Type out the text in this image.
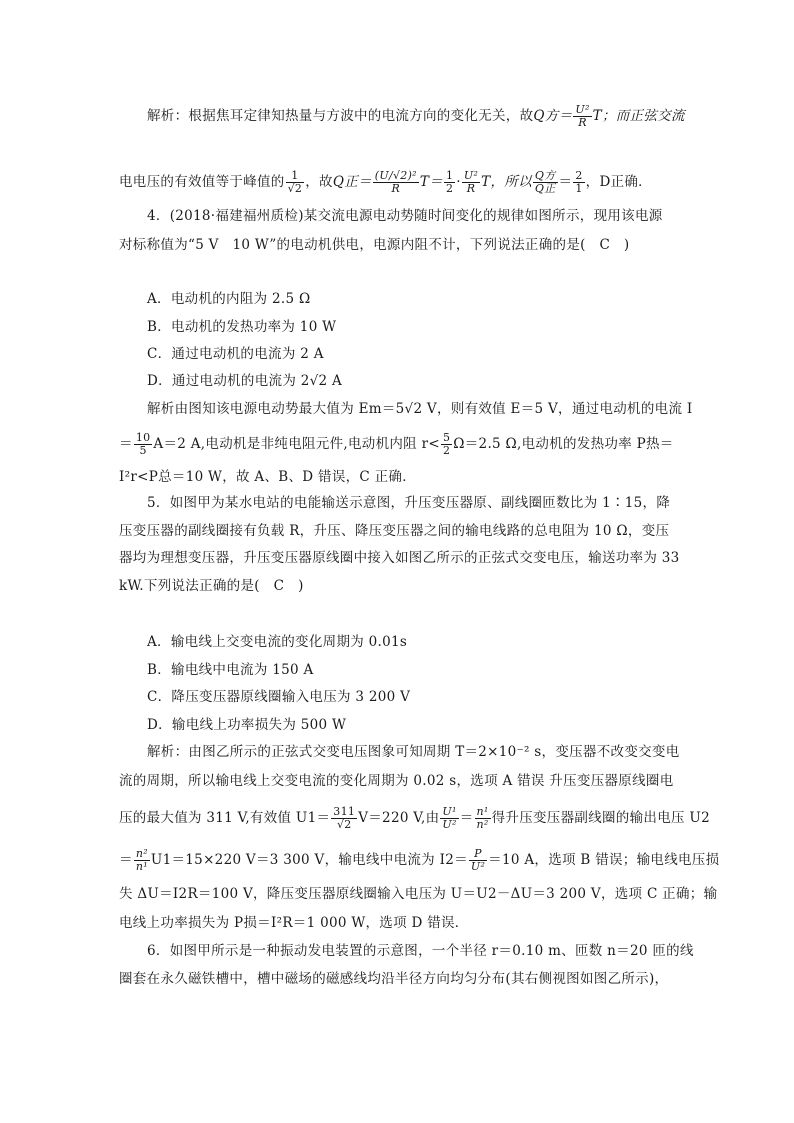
解析：根据焦耳定律知热量与方波中的电流方向的变化无关，故Q方＝ $\frac{\text{U²}}{R}$ T；而正弦交流
电电压的有效值等于峰值的 $\frac{1}{√2}$ ，故Q正＝ $\frac{\text{(U/√2)²}}{R} T= \frac{1}{2} \cdot \frac{\text{U²}}{R}$ T，所以 $\frac{\text{Q方}}{\text{Q正}} = \frac{2}{1}$ ，D正确．
4．(2018·福建福州质检)某交流电源电动势随时间变化的规律如图所示，现用该电源
对标称值为“5 V　10 W”的电动机供电，电源内阻不计，下列说法正确的是(　C　)
A．电动机的内阻为 2.5 Ω
B．电动机的发热功率为 10 W
C．通过电动机的电流为 2 A
D．通过电动机的电流为 2√2 A
解析由图知该电源电动势最大值为 Em＝5√2 V，则有效值 E＝5 V，通过电动机的电流 I
＝ $\frac{10}{5} A=2$ A,电动机是非纯电阻元件,电动机内阻 $r< \frac{5}{2} \Omega=2.5$ Ω,电动机的发热功率 P热＝
I²r<P总＝10 W，故 A、B、D 错误，C 正确．
5．如图甲为某水电站的电能输送示意图，升压变压器原、副线圈匝数比为 1∶15，降
压变压器的副线圈接有负载 R，升压、降压变压器之间的输电线路的总电阻为 10 Ω，变压
器均为理想变压器，升压变压器原线圈中接入如图乙所示的正弦式交变电压，输送功率为 33
kW.下列说法正确的是(　C　)
A．输电线上交变电流的变化周期为 0.01s
B．输电线中电流为 150 A
C．降压变压器原线圈输入电压为 3 200 V
D．输电线上功率损失为 500 W
解析：由图乙所示的正弦式交变电压图象可知周期 T＝2×10⁻² s，变压器不改变交变电
流的周期，所以输电线上交变电流的变化周期为 0.02 s，选项 A 错误 升压变压器原线圈电
压的最大值为 311 V,有效值 $U1= \frac{311}{√2} V=220$ V,由 $\frac{\text{U¹}}{\text{U²}} = \frac{\text{n¹}}{\text{n²}}$ 得升压变压器副线圈的输出电压 U2
＝ $\frac{\text{n²}}{\text{n¹}} U1=15\times 220$ V＝3 300 V，输电线中电流为 $I2= \frac{P}{\text{U²}} =10$ A，选项 B 错误；输电线电压损
失 ΔU＝I2R＝100 V，降压变压器原线圈输入电压为 U＝U2－ΔU＝3 200 V，选项 C 正确；输
电线上功率损失为 P损＝I²R＝1 000 W，选项 D 错误．
6．如图甲所示是一种振动发电装置的示意图，一个半径 r＝0.10 m、匝数 n＝20 匝的线
圈套在永久磁铁槽中，槽中磁场的磁感线均沿半径方向均匀分布(其右侧视图如图乙所示)，
